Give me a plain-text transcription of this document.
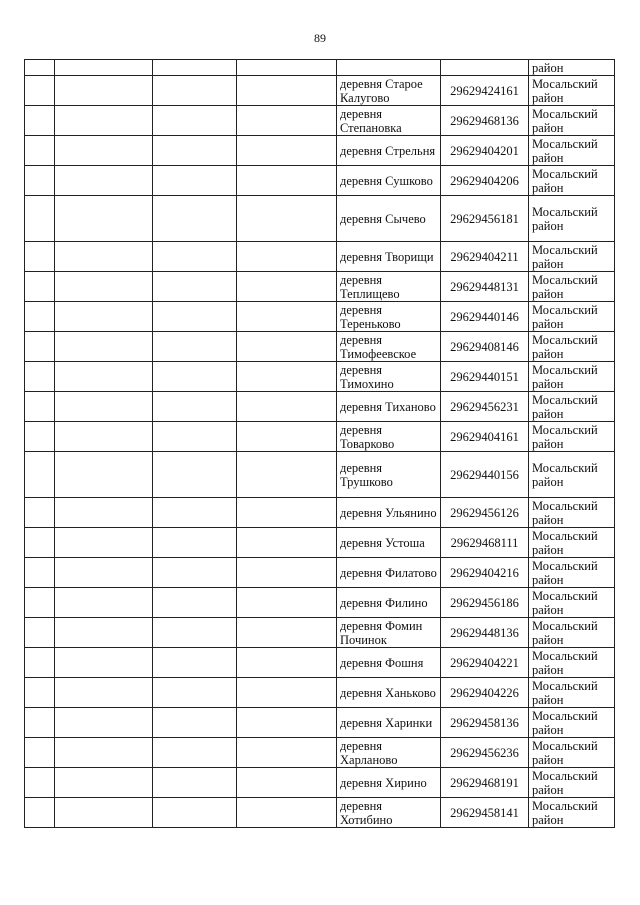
89
						район
				деревня Старое Калугово	29629424161	Мосальский район
				деревня Степановка	29629468136	Мосальский район
				деревня Стрельня	29629404201	Мосальский район
				деревня Сушково	29629404206	Мосальский район
				деревня Сычево	29629456181	Мосальский район
				деревня Творищи	29629404211	Мосальский район
				деревня Теплищево	29629448131	Мосальский район
				деревня Тереньково	29629440146	Мосальский район
				деревня Тимофеевское	29629408146	Мосальский район
				деревня Тимохино	29629440151	Мосальский район
				деревня Тиханово	29629456231	Мосальский район
				деревня Товарково	29629404161	Мосальский район
				деревня Трушково	29629440156	Мосальский район
				деревня Ульянино	29629456126	Мосальский район
				деревня Устоша	29629468111	Мосальский район
				деревня Филатово	29629404216	Мосальский район
				деревня Филино	29629456186	Мосальский район
				деревня Фомин Починок	29629448136	Мосальский район
				деревня Фошня	29629404221	Мосальский район
				деревня Ханьково	29629404226	Мосальский район
				деревня Харинки	29629458136	Мосальский район
				деревня Харланово	29629456236	Мосальский район
				деревня Хирино	29629468191	Мосальский район
				деревня Хотибино	29629458141	Мосальский район
